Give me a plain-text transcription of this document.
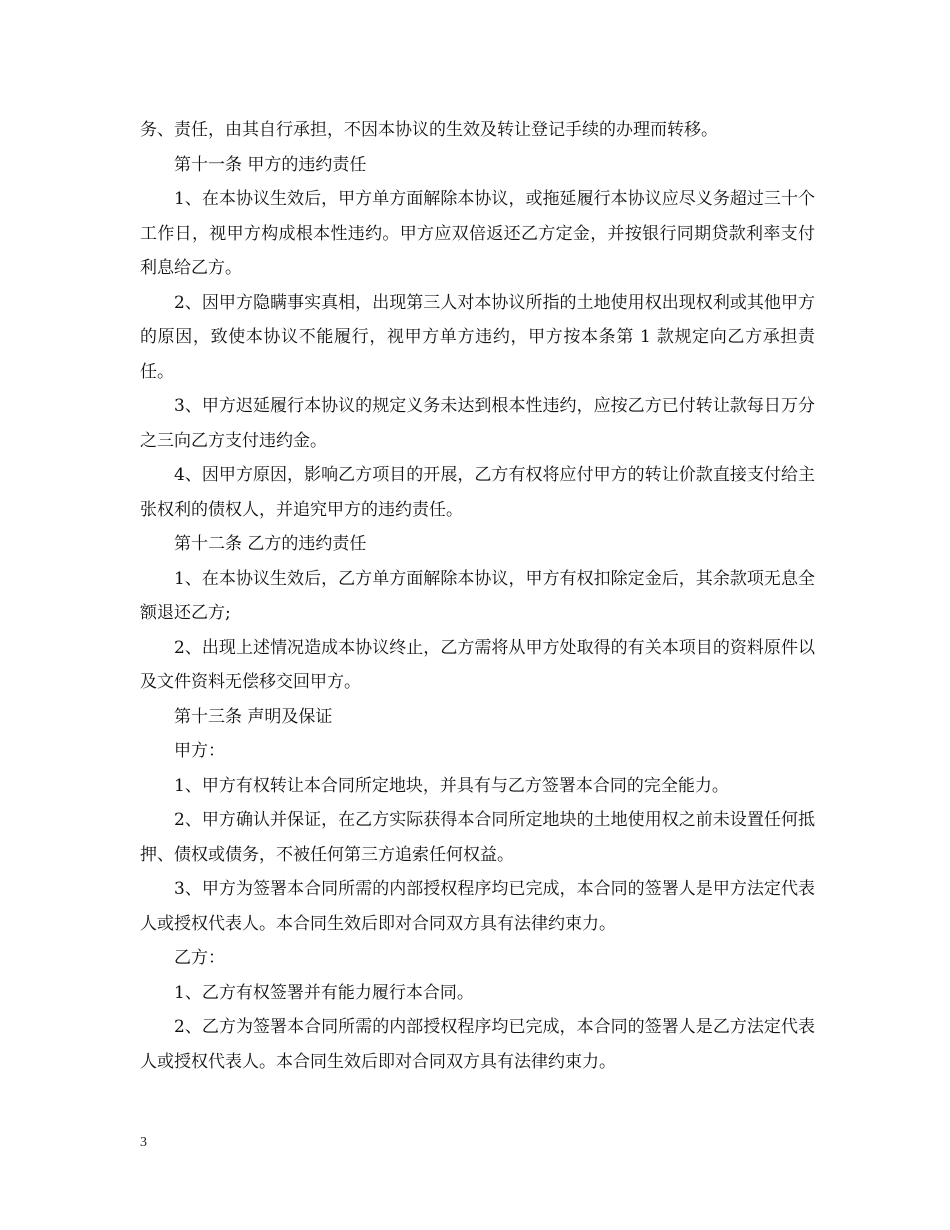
务、责任，由其自行承担，不因本协议的生效及转让登记手续的办理而转移。

第十一条 甲方的违约责任

1、在本协议生效后，甲方单方面解除本协议，或拖延履行本协议应尽义务超过三十个工作日，视甲方构成根本性违约。甲方应双倍返还乙方定金，并按银行同期贷款利率支付利息给乙方。

2、因甲方隐瞒事实真相，出现第三人对本协议所指的土地使用权出现权利或其他甲方的原因，致使本协议不能履行，视甲方单方违约，甲方按本条第 1 款规定向乙方承担责任。

3、甲方迟延履行本协议的规定义务未达到根本性违约，应按乙方已付转让款每日万分之三向乙方支付违约金。

4、因甲方原因，影响乙方项目的开展，乙方有权将应付甲方的转让价款直接支付给主张权利的债权人，并追究甲方的违约责任。

第十二条 乙方的违约责任

1、在本协议生效后，乙方单方面解除本协议，甲方有权扣除定金后，其余款项无息全额退还乙方;

2、出现上述情况造成本协议终止，乙方需将从甲方处取得的有关本项目的资料原件以及文件资料无偿移交回甲方。

第十三条 声明及保证

甲方：

1、甲方有权转让本合同所定地块，并具有与乙方签署本合同的完全能力。

2、甲方确认并保证，在乙方实际获得本合同所定地块的土地使用权之前未设置任何抵押、债权或债务，不被任何第三方追索任何权益。

3、甲方为签署本合同所需的内部授权程序均已完成，本合同的签署人是甲方法定代表人或授权代表人。本合同生效后即对合同双方具有法律约束力。

乙方：

1、乙方有权签署并有能力履行本合同。

2、乙方为签署本合同所需的内部授权程序均已完成，本合同的签署人是乙方法定代表人或授权代表人。本合同生效后即对合同双方具有法律约束力。

3
